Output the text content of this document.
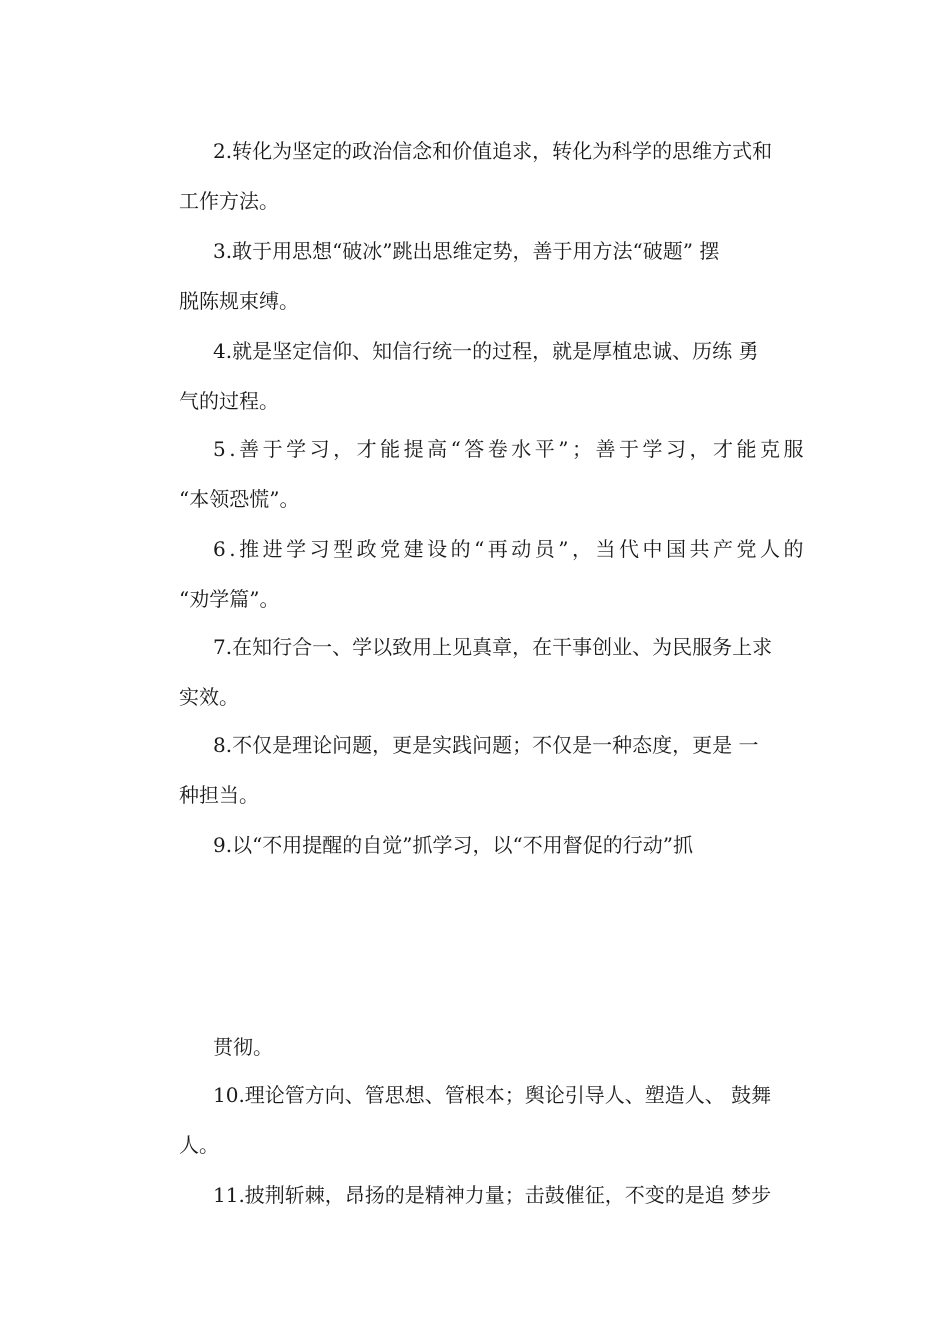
2.转化为坚定的政治信念和价值追求，转化为科学的思维方式和
工作方法。
3.敢于用思想“破冰”跳出思维定势，善于用方法“破题” 摆
脱陈规束缚。
4.就是坚定信仰、知信行统一的过程，就是厚植忠诚、历练 勇
气的过程。
5.善于学习，才能提高“答卷水平”；善于学习，才能克服
“本领恐慌”。
6.推进学习型政党建设的“再动员”，当代中国共产党人的
“劝学篇”。
7.在知行合一、学以致用上见真章，在干事创业、为民服务上求
实效。
8.不仅是理论问题，更是实践问题；不仅是一种态度，更是 一
种担当。
9.以“不用提醒的自觉”抓学习，以“不用督促的行动”抓
贯彻。
10.理论管方向、管思想、管根本；舆论引导人、塑造人、 鼓舞
人。
11.披荆斩棘，昂扬的是精神力量；击鼓催征，不变的是追 梦步
